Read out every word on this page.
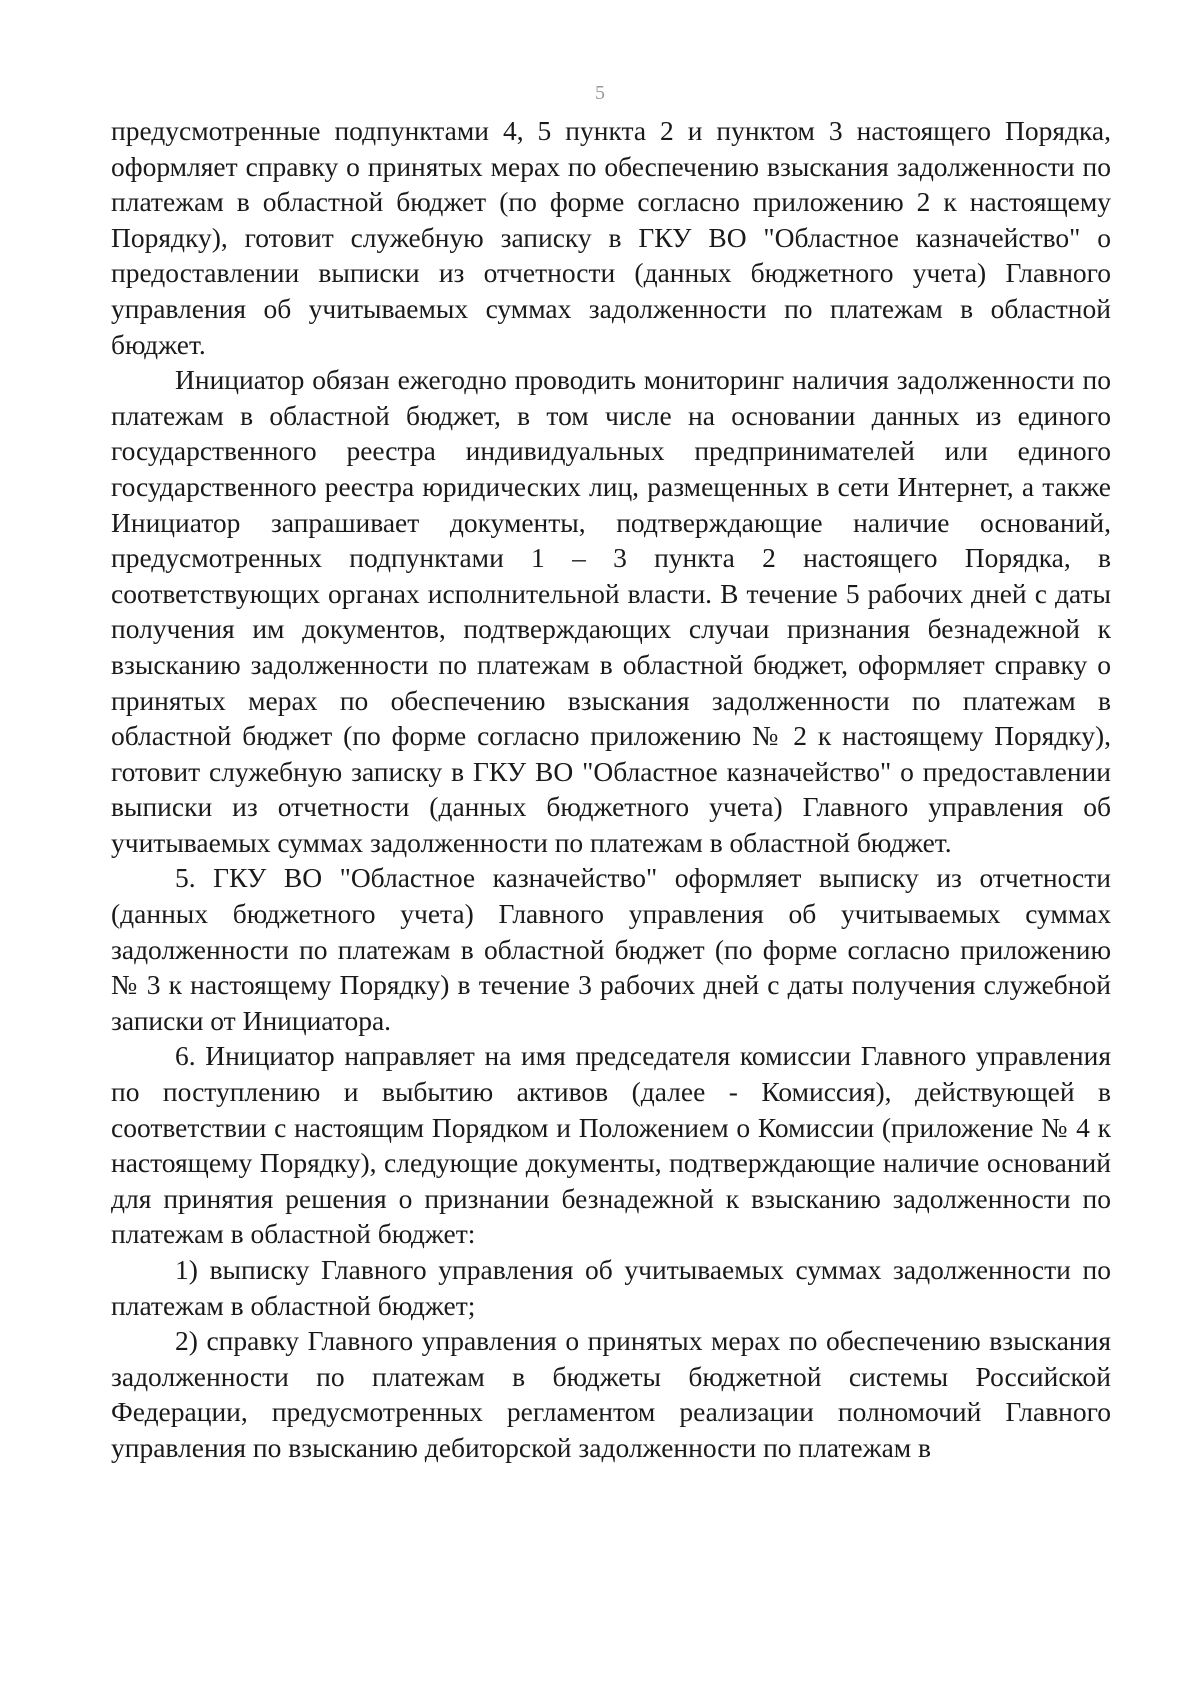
5

предусмотренные подпунктами 4, 5 пункта 2 и пунктом 3 настоящего Порядка, оформляет справку о принятых мерах по обеспечению взыскания задолженности по платежам в областной бюджет (по форме согласно приложению 2 к настоящему Порядку), готовит служебную записку в ГКУ ВО "Областное казначейство" о предоставлении выписки из отчетности (данных бюджетного учета) Главного управления об учитываемых суммах задолженности по платежам в областной бюджет.

Инициатор обязан ежегодно проводить мониторинг наличия задолженности по платежам в областной бюджет, в том числе на основании данных из единого государственного реестра индивидуальных предпринимателей или единого государственного реестра юридических лиц, размещенных в сети Интернет, а также Инициатор запрашивает документы, подтверждающие наличие оснований, предусмотренных подпунктами 1 – 3 пункта 2 настоящего Порядка, в соответствующих органах исполнительной власти. В течение 5 рабочих дней с даты получения им документов, подтверждающих случаи признания безнадежной к взысканию задолженности по платежам в областной бюджет, оформляет справку о принятых мерах по обеспечению взыскания задолженности по платежам в областной бюджет (по форме согласно приложению № 2 к настоящему Порядку), готовит служебную записку в ГКУ ВО "Областное казначейство" о предоставлении выписки из отчетности (данных бюджетного учета) Главного управления об учитываемых суммах задолженности по платежам в областной бюджет.

5. ГКУ ВО "Областное казначейство" оформляет выписку из отчетности (данных бюджетного учета) Главного управления об учитываемых суммах задолженности по платежам в областной бюджет (по форме согласно приложению № 3 к настоящему Порядку) в течение 3 рабочих дней с даты получения служебной записки от Инициатора.

6. Инициатор направляет на имя председателя комиссии Главного управления по поступлению и выбытию активов (далее - Комиссия), действующей в соответствии с настоящим Порядком и Положением о Комиссии (приложение № 4 к настоящему Порядку), следующие документы, подтверждающие наличие оснований для принятия решения о признании безнадежной к взысканию задолженности по платежам в областной бюджет:

1) выписку Главного управления об учитываемых суммах задолженности по платежам в областной бюджет;

2) справку Главного управления о принятых мерах по обеспечению взыскания задолженности по платежам в бюджеты бюджетной системы Российской Федерации, предусмотренных регламентом реализации полномочий Главного управления по взысканию дебиторской задолженности по платежам в
